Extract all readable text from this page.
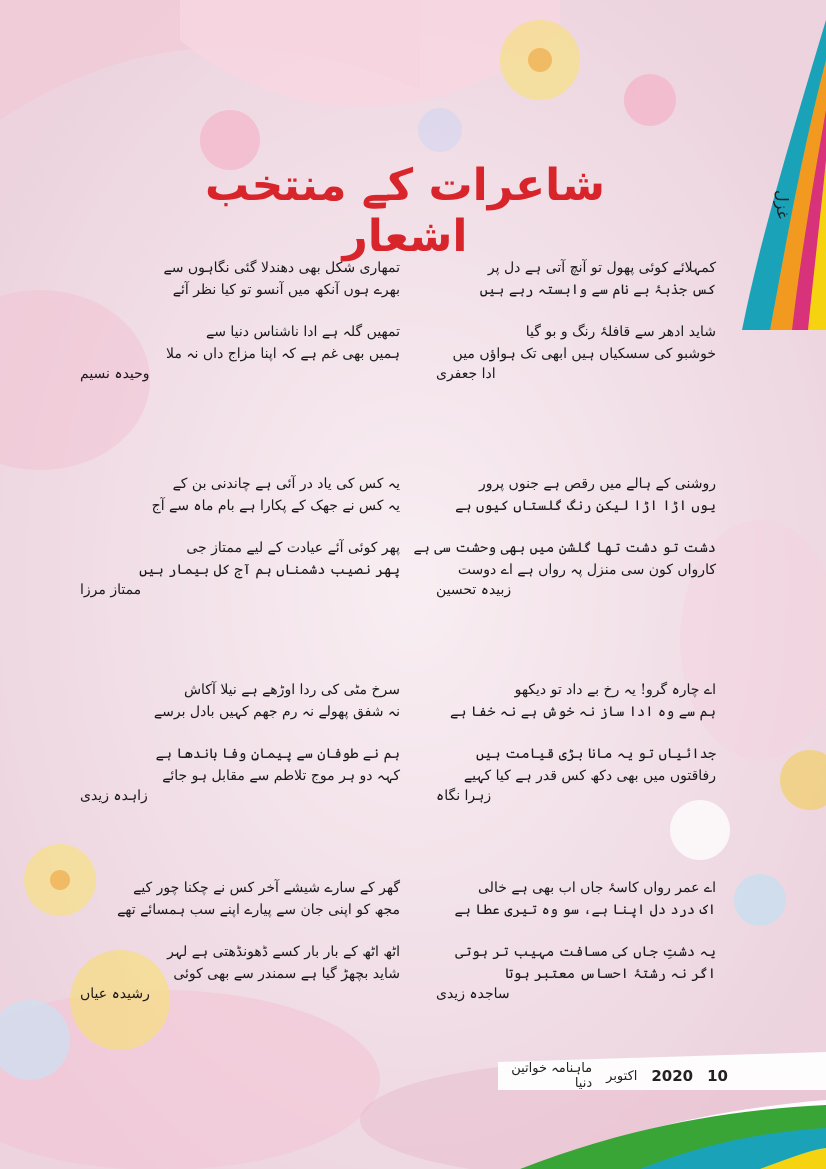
شاعرات کے منتخب اشعار
غزل
کمہلائے کوئی پھول تو آنچ آتی ہے دل پر
کس جذبۂ بے نام سے وابستہ رہے ہیں
شاید ادھر سے قافلۂ رنگ و بو گیا
خوشبو کی سسکیاں ہیں ابھی تک ہواؤں میں
ادا جعفری
تمھاری شکل بھی دھندلا گئی نگاہوں سے
بھرے ہوں آنکھ میں آنسو تو کیا نظر آئے
تمھیں گلہ ہے ادا ناشناس دنیا سے
ہمیں بھی غم ہے کہ اپنا مزاج داں نہ ملا
وحیدہ نسیم
روشنی کے ہالے میں رقص ہے جنوں پرور
یوں اڑا اڑا لیکن رنگ گلستاں کیوں ہے
دشت تو دشت تھا گلشن میں بھی وحشت سی ہے
کارواں کون سی منزل پہ رواں ہے اے دوست
زبیدہ تحسین
یہ کس کی یاد در آئی ہے چاندنی بن کے
یہ کس نے جھک کے پکارا ہے بام ماہ سے آج
پھر کوئی آئے عیادت کے لیے ممتاز جی
پھر نصیب دشمناں ہم آج کل بیمار ہیں
ممتاز مرزا
اے چارہ گرو! یہ رخ بے داد تو دیکھو
ہم سے وہ ادا ساز نہ خوش ہے نہ خفا ہے
جدائیاں تو یہ مانا بڑی قیامت ہیں
رفاقتوں میں بھی دکھ کس قدر ہے کیا کہیے
زہرا نگاہ
سرخ مٹی کی ردا اوڑھے ہے نیلا آکاش
نہ شفق پھولے نہ رم جھم کہیں بادل برسے
ہم نے طوفان سے پیمانِ وفا باندھا ہے
کہہ دو ہر موج تلاطم سے مقابل ہو جائے
زاہدہ زیدی
اے عمر رواں کاسۂ جاں اب بھی ہے خالی
اک درد دل اپنا ہے، سو وہ تیری عطا ہے
یہ دشتِ جاں کی مسافت مہیب تر ہوتی
اگر نہ رشتۂ احساس معتبر ہوتا
ساجدہ زیدی
گھر کے سارے شیشے آخر کس نے چکنا چور کیے
مجھ کو اپنی جان سے پیارے اپنے سب ہمسائے تھے
اٹھ اٹھ کے بار بار کسے ڈھونڈھتی ہے لہر
شاید بچھڑ گیا ہے سمندر سے بھی کوئی
رشیدہ عیاں
ماہنامہ خواتین دنیا اکتوبر 2020 10
